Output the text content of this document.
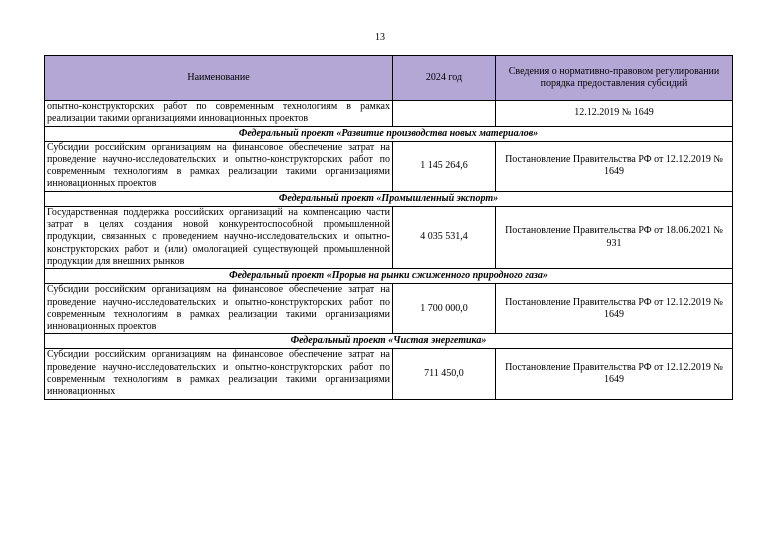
13
Наименование	2024 год	Сведения о нормативно-правовом регулировании порядка предоставления субсидий
опытно-конструкторских работ по современным технологиям в рамках реализации такими организациями инновационных проектов		12.12.2019 № 1649
Федеральный проект «Развитие производства новых материалов»		
Субсидии российским организациям на финансовое обеспечение затрат на проведение научно-исследовательских и опытно-конструкторских работ по современным технологиям в рамках реализации такими организациями инновационных проектов	1 145 264,6	Постановление Правительства РФ от 12.12.2019 № 1649
Федеральный проект «Промышленный экспорт»		
Государственная поддержка российских организаций на компенсацию части затрат в целях создания новой конкурентоспособной промышленной продукции, связанных с проведением научно-исследовательских и опытно-конструкторских работ и (или) омологацией существующей промышленной продукции для внешних рынков	4 035 531,4	Постановление Правительства РФ от 18.06.2021 № 931
Федеральный проект «Прорыв на рынки сжиженного природного газа»		
Субсидии российским организациям на финансовое обеспечение затрат на проведение научно-исследовательских и опытно-конструкторских работ по современным технологиям в рамках реализации такими организациями инновационных проектов	1 700 000,0	Постановление Правительства РФ от 12.12.2019 № 1649
Федеральный проект «Чистая энергетика»		
Субсидии российским организациям на финансовое обеспечение затрат на проведение научно-исследовательских и опытно-конструкторских работ по современным технологиям в рамках реализации такими организациями инновационных	711 450,0	Постановление Правительства РФ от 12.12.2019 № 1649
